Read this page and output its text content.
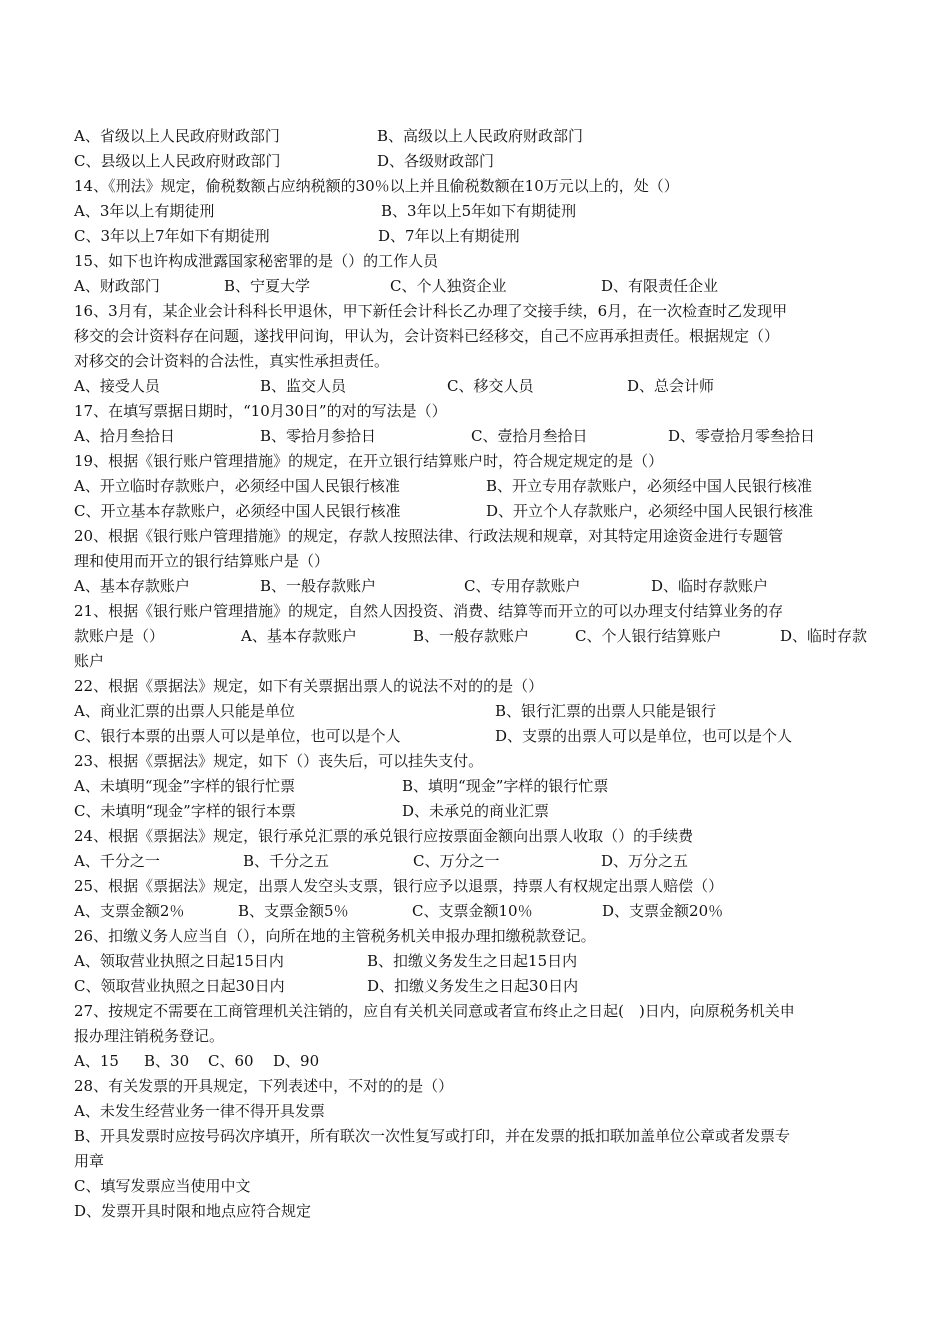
A、省级以上人民政府财政部门	B、高级以上人民政府财政部门
C、县级以上人民政府财政部门	D、各级财政部门
14、《刑法》规定，偷税数额占应纳税额的30％以上并且偷税数额在10万元以上的，处（）
A、3年以上有期徒刑	B、3年以上5年如下有期徒刑
C、3年以上7年如下有期徒刑	D、7年以上有期徒刑
15、如下也许构成泄露国家秘密罪的是（）的工作人员
A、财政部门	B、宁夏大学	C、个人独资企业	D、有限责任企业
16、3月有，某企业会计科科长甲退休，甲下新任会计科长乙办理了交接手续，6月，在一次检查时乙发现甲
移交的会计资料存在问题，遂找甲问询，甲认为，会计资料已经移交，自己不应再承担责任。根据规定（）
对移交的会计资料的合法性，真实性承担责任。
A、接受人员	B、监交人员	C、移交人员	D、总会计师
17、在填写票据日期时，“10月30日”的对的写法是（）
A、拾月叁拾日	B、零拾月参拾日	C、壹拾月叁拾日	D、零壹拾月零叁拾日
19、根据《银行账户管理措施》的规定，在开立银行结算账户时，符合规定规定的是（）
A、开立临时存款账户，必须经中国人民银行核准	B、开立专用存款账户，必须经中国人民银行核准
C、开立基本存款账户，必须经中国人民银行核准	D、开立个人存款账户，必须经中国人民银行核准
20、根据《银行账户管理措施》的规定，存款人按照法律、行政法规和规章，对其特定用途资金进行专题管
理和使用而开立的银行结算账户是（）
A、基本存款账户	B、一般存款账户	C、专用存款账户	D、临时存款账户
21、根据《银行账户管理措施》的规定，自然人因投资、消费、结算等而开立的可以办理支付结算业务的存
款账户是（）	A、基本存款账户	B、一般存款账户	C、个人银行结算账户	D、临时存款
账户
22、根据《票据法》规定，如下有关票据出票人的说法不对的的是（）
A、商业汇票的出票人只能是单位	B、银行汇票的出票人只能是银行
C、银行本票的出票人可以是单位，也可以是个人	D、支票的出票人可以是单位，也可以是个人
23、根据《票据法》规定，如下（）丧失后，可以挂失支付。
A、未填明“现金”字样的银行忙票	B、填明“现金”字样的银行忙票
C、未填明“现金”字样的银行本票	D、未承兑的商业汇票
24、根据《票据法》规定，银行承兑汇票的承兑银行应按票面金额向出票人收取（）的手续费
A、千分之一	B、千分之五	C、万分之一	D、万分之五
25、根据《票据法》规定，出票人发空头支票，银行应予以退票，持票人有权规定出票人赔偿（）
A、支票金额2％	B、支票金额5％	C、支票金额10％	D、支票金额20％
26、扣缴义务人应当自（），向所在地的主管税务机关申报办理扣缴税款登记。
A、领取营业执照之日起15日内	B、扣缴义务发生之日起15日内
C、领取营业执照之日起30日内	D、扣缴义务发生之日起30日内
27、按规定不需要在工商管理机关注销的，应自有关机关同意或者宣布终止之日起(　)日内，向原税务机关申
报办理注销税务登记。
A、15 B、30 C、60 D、90
28、有关发票的开具规定，下列表述中，不对的的是（）
A、未发生经营业务一律不得开具发票
B、开具发票时应按号码次序填开，所有联次一次性复写或打印，并在发票的抵扣联加盖单位公章或者发票专
用章
C、填写发票应当使用中文
D、发票开具时限和地点应符合规定
